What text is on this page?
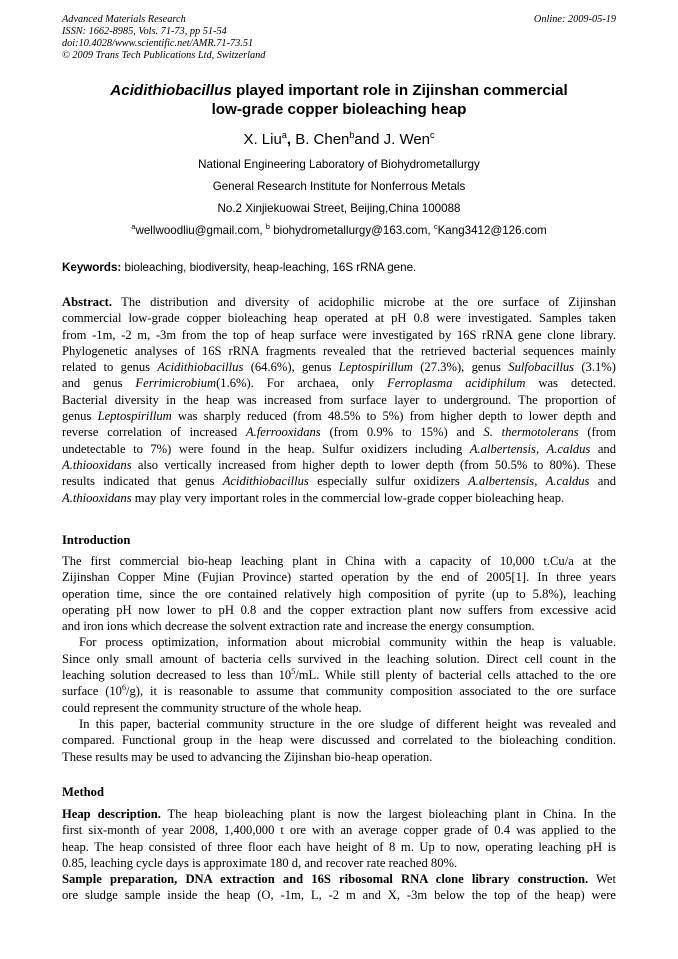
Advanced Materials Research
ISSN: 1662-8985, Vols. 71-73, pp 51-54
doi:10.4028/www.scientific.net/AMR.71-73.51
© 2009 Trans Tech Publications Ltd, Switzerland
Online: 2009-05-19
Acidithiobacillus played important role in Zijinshan commercial
low-grade copper bioleaching heap
X. Liu$^a$, B. Chen$^b$and J. Wen$^c$
National Engineering Laboratory of Biohydrometallurgy
General Research Institute for Nonferrous Metals
No.2 Xinjiekuowai Street, Beijing,China 100088
$^a$wellwoodliu@gmail.com, $^b$ biohydrometallurgy@163.com, $^c$Kang3412@126.com
Keywords: bioleaching, biodiversity, heap-leaching, 16S rRNA gene.
Abstract. The distribution and diversity of acidophilic microbe at the ore surface of Zijinshan
commercial low-grade copper bioleaching heap operated at pH 0.8 were investigated. Samples taken
from -1m, -2 m, -3m from the top of heap surface were investigated by 16S rRNA gene clone library.
Phylogenetic analyses of 16S rRNA fragments revealed that the retrieved bacterial sequences mainly
related to genus Acidithiobacillus (64.6%), genus Leptospirillum (27.3%), genus Sulfobacillus (3.1%)
and genus Ferrimicrobium(1.6%). For archaea, only Ferroplasma acidiphilum was detected.
Bacterial diversity in the heap was increased from surface layer to underground. The proportion of
genus Leptospirillum was sharply reduced (from 48.5% to 5%) from higher depth to lower depth and
reverse correlation of increased A.ferrooxidans (from 0.9% to 15%) and S. thermotolerans (from
undetectable to 7%) were found in the heap. Sulfur oxidizers including A.albertensis, A.caldus and
A.thiooxidans also vertically increased from higher depth to lower depth (from 50.5% to 80%). These
results indicated that genus Acidithiobacillus especially sulfur oxidizers A.albertensis, A.caldus and
A.thiooxidans may play very important roles in the commercial low-grade copper bioleaching heap.
Introduction
The first commercial bio-heap leaching plant in China with a capacity of 10,000 t.Cu/a at the
Zijinshan Copper Mine (Fujian Province) started operation by the end of 2005[1]. In three years
operation time, since the ore contained relatively high composition of pyrite (up to 5.8%), leaching
operating pH now lower to pH 0.8 and the copper extraction plant now suffers from excessive acid
and iron ions which decrease the solvent extraction rate and increase the energy consumption.
For process optimization, information about microbial community within the heap is valuable.
Since only small amount of bacteria cells survived in the leaching solution. Direct cell count in the
leaching solution decreased to less than $10^5/mL$. While still plenty of bacterial cells attached to the ore
surface $(10^6/g)$, it is reasonable to assume that community composition associated to the ore surface
could represent the community structure of the whole heap.
In this paper, bacterial community structure in the ore sludge of different height was revealed and
compared. Functional group in the heap were discussed and correlated to the bioleaching condition.
These results may be used to advancing the Zijinshan bio-heap operation.
Method
Heap description. The heap bioleaching plant is now the largest bioleaching plant in China. In the
first six-month of year 2008, 1,400,000 t ore with an average copper grade of 0.4 was applied to the
heap. The heap consisted of three floor each have height of 8 m. Up to now, operating leaching pH is
0.85, leaching cycle days is approximate 180 d, and recover rate reached 80%.
Sample preparation, DNA extraction and 16S ribosomal RNA clone library construction. Wet
ore sludge sample inside the heap (O, -1m, L, -2 m and X, -3m below the top of the heap) were
